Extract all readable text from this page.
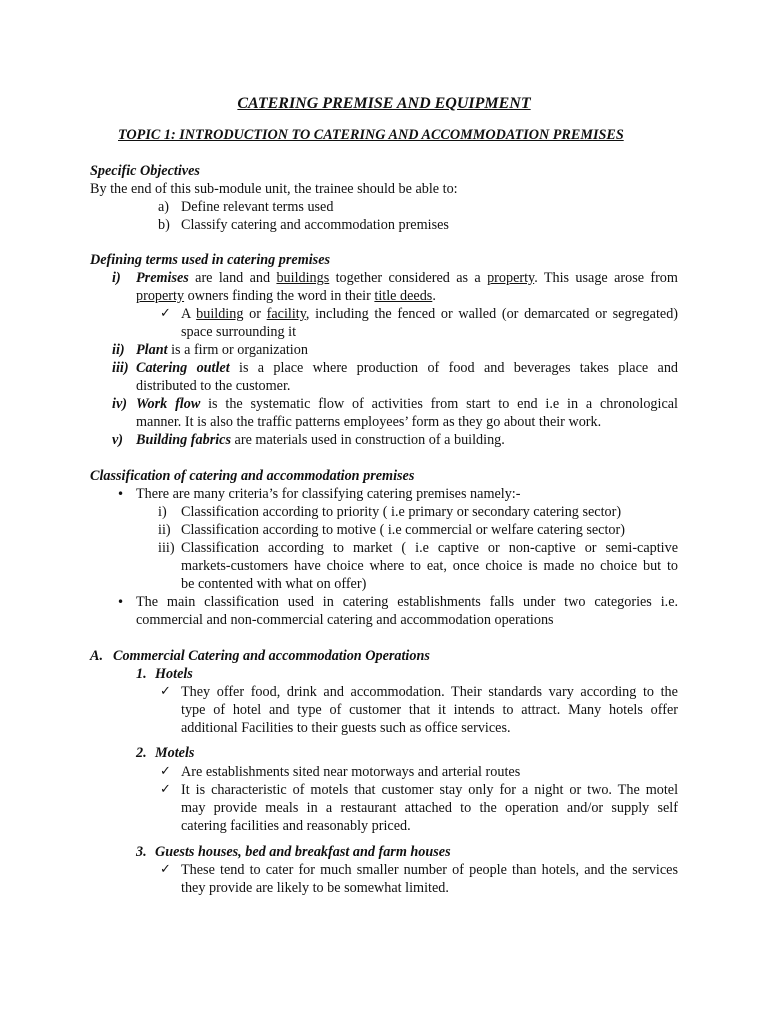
CATERING PREMISE AND EQUIPMENT
TOPIC 1: INTRODUCTION TO CATERING AND ACCOMMODATION PREMISES
Specific Objectives
By the end of this sub-module unit, the trainee should be able to:
a) Define relevant terms used
b) Classify catering and accommodation premises
Defining terms used in catering premises
i) Premises are land and buildings together considered as a property. This usage arose from
property owners finding the word in their title deeds.
✓ A building or facility, including the fenced or walled (or demarcated or segregated)
space surrounding it
ii) Plant is a firm or organization
iii) Catering outlet is a place where production of food and beverages takes place and
distributed to the customer.
iv) Work flow is the systematic flow of activities from start to end i.e in a chronological
manner. It is also the traffic patterns employees’ form as they go about their work.
v) Building fabrics are materials used in construction of a building.
Classification of catering and accommodation premises
• There are many criteria’s for classifying catering premises namely:-
i) Classification according to priority ( i.e primary or secondary catering sector)
ii) Classification according to motive ( i.e commercial or welfare catering sector)
iii) Classification according to market ( i.e captive or non-captive or semi-captive
markets-customers have choice where to eat, once choice is made no choice but to
be contented with what on offer)
• The main classification used in catering establishments falls under two categories i.e.
commercial and non-commercial catering and accommodation operations
A. Commercial Catering and accommodation Operations
1. Hotels
✓ They offer food, drink and accommodation. Their standards vary according to the
type of hotel and type of customer that it intends to attract. Many hotels offer
additional Facilities to their guests such as office services.
2. Motels
✓ Are establishments sited near motorways and arterial routes
✓ It is characteristic of motels that customer stay only for a night or two. The motel
may provide meals in a restaurant attached to the operation and/or supply self
catering facilities and reasonably priced.
3. Guests houses, bed and breakfast and farm houses
✓ These tend to cater for much smaller number of people than hotels, and the services
they provide are likely to be somewhat limited.
